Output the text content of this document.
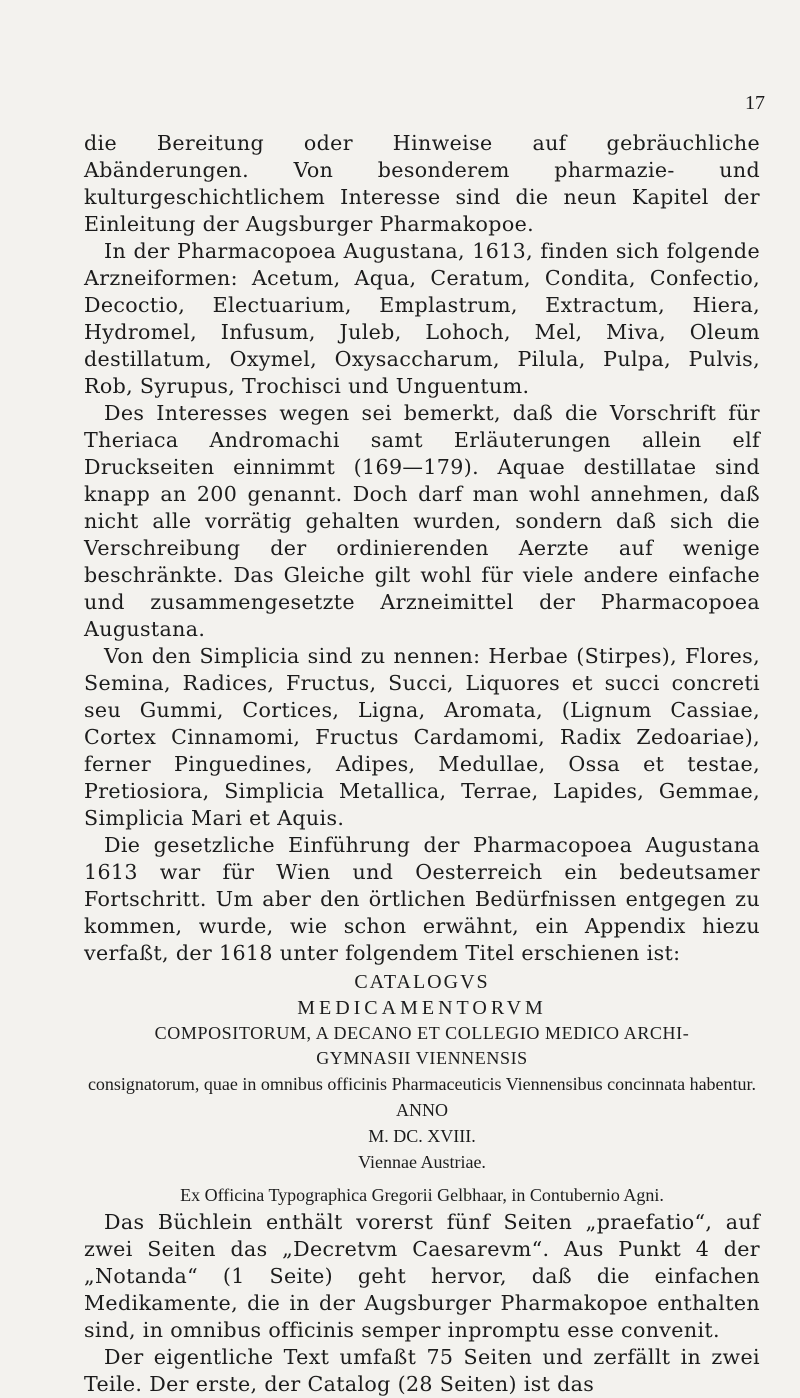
17

die Bereitung oder Hinweise auf gebräuchliche Abänderungen. Von besonderem pharmazie- und kulturgeschichtlichem Interesse sind die neun Kapitel der Einleitung der Augsburger Pharmakopoe.

In der Pharmacopoea Augustana, 1613, finden sich folgende Arzneiformen: Acetum, Aqua, Ceratum, Condita, Confectio, Decoctio, Electuarium, Emplastrum, Extractum, Hiera, Hydromel, Infusum, Juleb, Lohoch, Mel, Miva, Oleum destillatum, Oxymel, Oxysaccharum, Pilula, Pulpa, Pulvis, Rob, Syrupus, Trochisci und Unguentum.

Des Interesses wegen sei bemerkt, daß die Vorschrift für Theriaca Andromachi samt Erläuterungen allein elf Druckseiten einnimmt (169—179). Aquae destillatae sind knapp an 200 genannt. Doch darf man wohl annehmen, daß nicht alle vorrätig gehalten wurden, sondern daß sich die Verschreibung der ordinierenden Aerzte auf wenige beschränkte. Das Gleiche gilt wohl für viele andere einfache und zusammengesetzte Arzneimittel der Pharmacopoea Augustana.

Von den Simplicia sind zu nennen: Herbae (Stirpes), Flores, Semina, Radices, Fructus, Succi, Liquores et succi concreti seu Gummi, Cortices, Ligna, Aromata, (Lignum Cassiae, Cortex Cinnamomi, Fructus Cardamomi, Radix Zedoariae), ferner Pinguedines, Adipes, Medullae, Ossa et testae, Pretiosiora, Simplicia Metallica, Terrae, Lapides, Gemmae, Simplicia Mari et Aquis.

Die gesetzliche Einführung der Pharmacopoea Augustana 1613 war für Wien und Oesterreich ein bedeutsamer Fortschritt. Um aber den örtlichen Bedürfnissen entgegen zu kommen, wurde, wie schon erwähnt, ein Appendix hiezu verfaßt, der 1618 unter folgendem Titel erschienen ist:

CATALOGVS

MEDICAMENTORVM

COMPOSITORUM, A DECANO ET COLLEGIO MEDICO ARCHI-

GYMNASII VIENNENSIS

consignatorum, quae in omnibus officinis Pharmaceuticis Viennensibus concinnata habentur.

ANNO

M. DC. XVIII.

Viennae Austriae.

Ex Officina Typographica Gregorii Gelbhaar, in Contubernio Agni.

Das Büchlein enthält vorerst fünf Seiten „praefatio“, auf zwei Seiten das „Decretvm Caesarevm“. Aus Punkt 4 der „Notanda“ (1 Seite) geht hervor, daß die einfachen Medikamente, die in der Augsburger Pharmakopoe enthalten sind, in omnibus officinis semper inpromptu esse convenit.

Der eigentliche Text umfaßt 75 Seiten und zerfällt in zwei Teile. Der erste, der Catalog (28 Seiten) ist das
